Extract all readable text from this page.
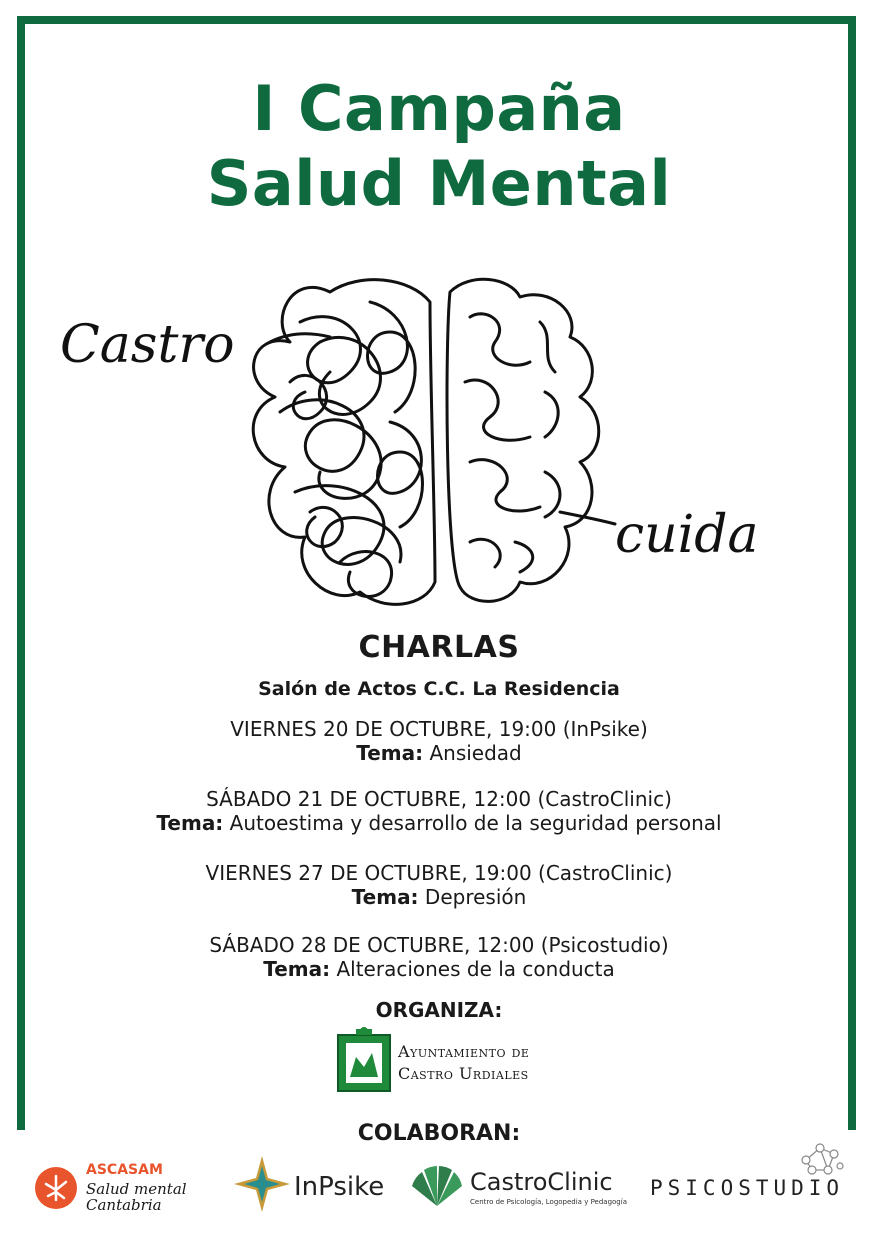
I Campaña
Salud Mental
Castro
cuida
CHARLAS
Salón de Actos C.C. La Residencia
VIERNES 20 DE OCTUBRE, 19:00 (InPsike)
Tema: Ansiedad
SÁBADO 21 DE OCTUBRE, 12:00 (CastroClinic)
Tema: Autoestima y desarrollo de la seguridad personal
VIERNES 27 DE OCTUBRE, 19:00 (CastroClinic)
Tema: Depresión
SÁBADO 28 DE OCTUBRE, 12:00 (Psicostudio)
Tema: Alteraciones de la conducta
ORGANIZA:
Ayuntamiento de
Castro Urdiales
COLABORAN:
ASCASAM
Salud mental
Cantabria
InPsike	CastroClinic
Centro de Psicología, Logopedia y Pedagogía
PSICOSTUDIO
